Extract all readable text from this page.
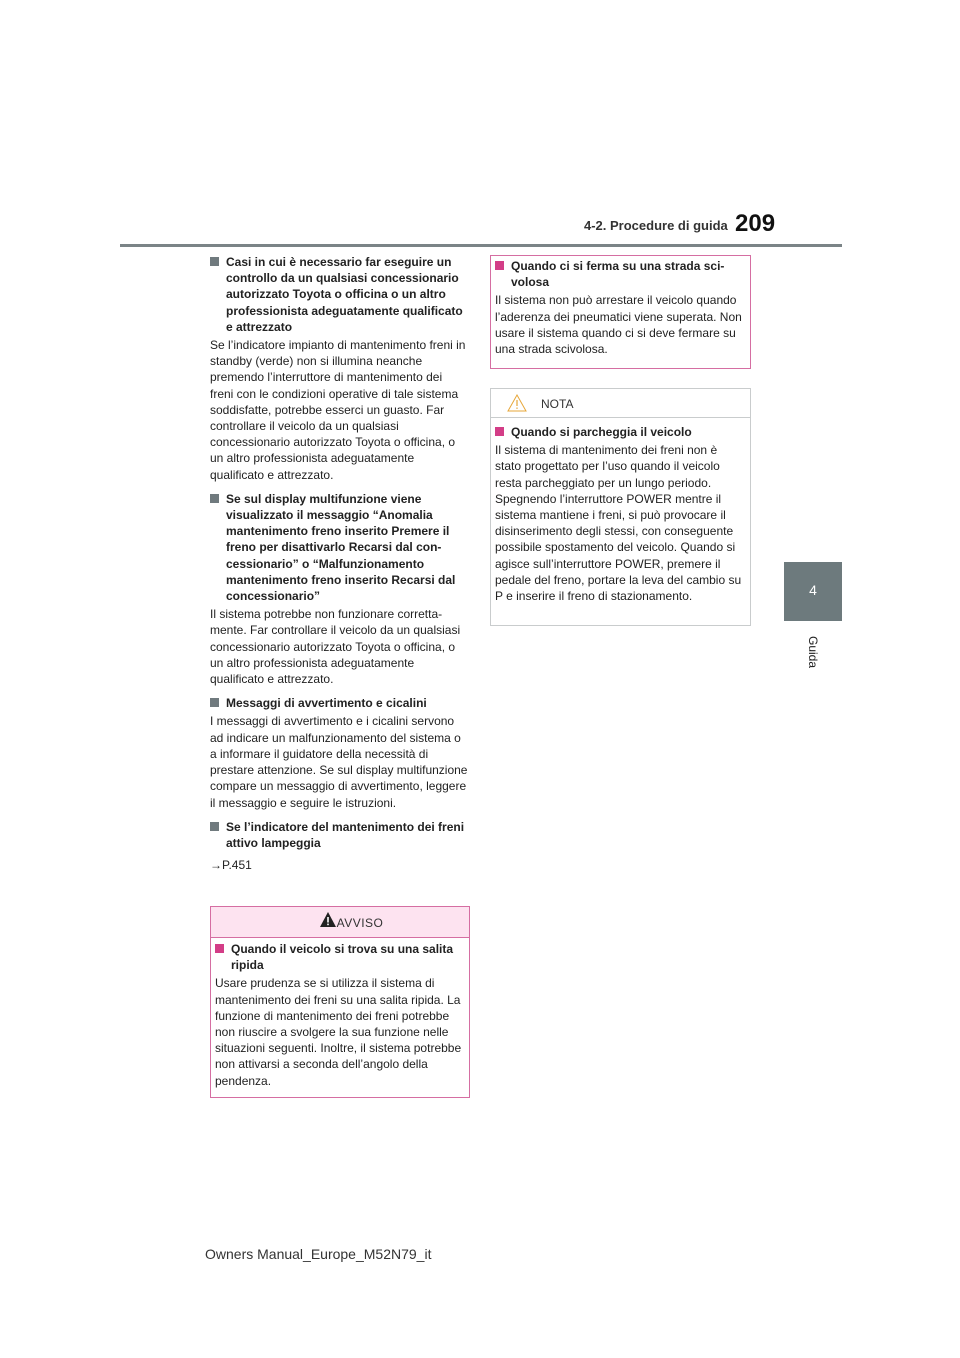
4-2. Procedure di guida 209
4
Guida
Casi in cui è necessario far eseguire un controllo da un qualsiasi concessionario autorizzato Toyota o officina o un altro professionista adeguatamente qualificato e attrezzato

Se l’indicatore impianto di mantenimento freni in standby (verde) non si illumina neanche premendo l’interruttore di mantenimento dei freni con le condizioni operative di tale sistema soddisfatte, potrebbe esserci un guasto. Far controllare il veicolo da un qualsiasi concessionario autorizzato Toyota o officina, o un altro professionista adeguatamente qualificato e attrezzato.

Se sul display multifunzione viene visualizzato il messaggio “Anomalia mantenimento freno inserito Premere il freno per disattivarlo Recarsi dal concessionario” o “Malfunzionamento mantenimento freno inserito Recarsi dal concessionario”

Il sistema potrebbe non funzionare correttamente. Far controllare il veicolo da un qualsiasi concessionario autorizzato Toyota o officina, o un altro professionista adeguatamente qualificato e attrezzato.

Messaggi di avvertimento e cicalini

I messaggi di avvertimento e i cicalini servono ad indicare un malfunzionamento del sistema o a informare il guidatore della necessità di prestare attenzione. Se sul display multifunzione compare un messaggio di avvertimento, leggere il messaggio e seguire le istruzioni.

Se l’indicatore del mantenimento dei freni attivo lampeggia

→P.451

AVVISO
Quando il veicolo si trova su una salita ripida

Usare prudenza se si utilizza il sistema di mantenimento dei freni su una salita ripida. La funzione di mantenimento dei freni potrebbe non riuscire a svolgere la sua funzione nelle situazioni seguenti. Inoltre, il sistema potrebbe non attivarsi a seconda dell’angolo della pendenza.

Quando ci si ferma su una strada scivolosa

Il sistema non può arrestare il veicolo quando l’aderenza dei pneumatici viene superata. Non usare il sistema quando ci si deve fermare su una strada scivolosa.

NOTA
Quando si parcheggia il veicolo

Il sistema di mantenimento dei freni non è stato progettato per l’uso quando il veicolo resta parcheggiato per un lungo periodo. Spegnendo l’interruttore POWER mentre il sistema mantiene i freni, si può provocare il disinserimento degli stessi, con conseguente possibile spostamento del veicolo. Quando si agisce sull’interruttore POWER, premere il pedale del freno, portare la leva del cambio su P e inserire il freno di stazionamento.

Owners Manual_Europe_M52N79_it
